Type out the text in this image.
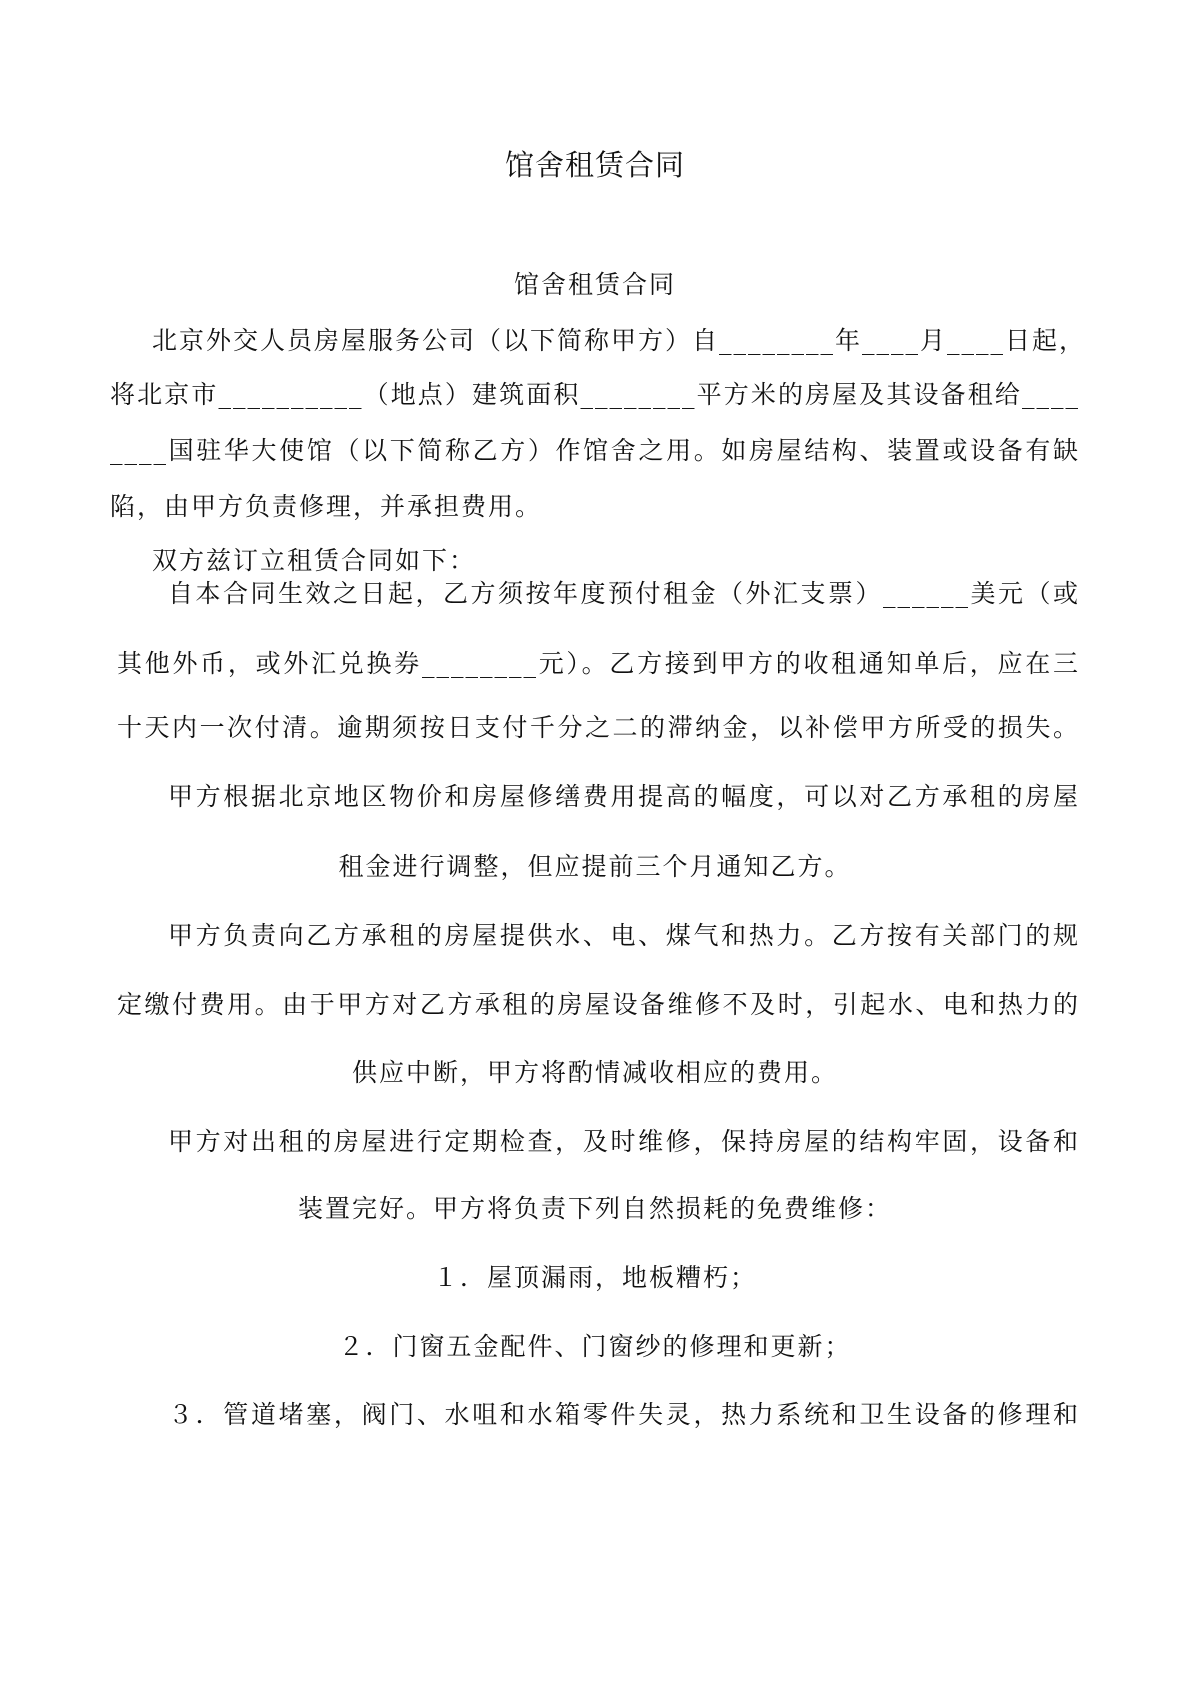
馆舍租赁合同
馆舍租赁合同
北京外交人员房屋服务公司（以下简称甲方）自________年____月____日起，
将北京市__________（地点）建筑面积________平方米的房屋及其设备租给____
____国驻华大使馆（以下简称乙方）作馆舍之用。如房屋结构、装置或设备有缺
陷，由甲方负责修理，并承担费用。
双方兹订立租赁合同如下：
自本合同生效之日起，乙方须按年度预付租金（外汇支票）______美元（或
其他外币，或外汇兑换券________元）。乙方接到甲方的收租通知单后，应在三
十天内一次付清。逾期须按日支付千分之二的滞纳金，以补偿甲方所受的损失。
甲方根据北京地区物价和房屋修缮费用提高的幅度，可以对乙方承租的房屋
租金进行调整，但应提前三个月通知乙方。
甲方负责向乙方承租的房屋提供水、电、煤气和热力。乙方按有关部门的规
定缴付费用。由于甲方对乙方承租的房屋设备维修不及时，引起水、电和热力的
供应中断，甲方将酌情减收相应的费用。
甲方对出租的房屋进行定期检查，及时维修，保持房屋的结构牢固，设备和
装置完好。甲方将负责下列自然损耗的免费维修：
１．屋顶漏雨，地板糟朽；
２．门窗五金配件、门窗纱的修理和更新；
３．管道堵塞，阀门、水咀和水箱零件失灵，热力系统和卫生设备的修理和
